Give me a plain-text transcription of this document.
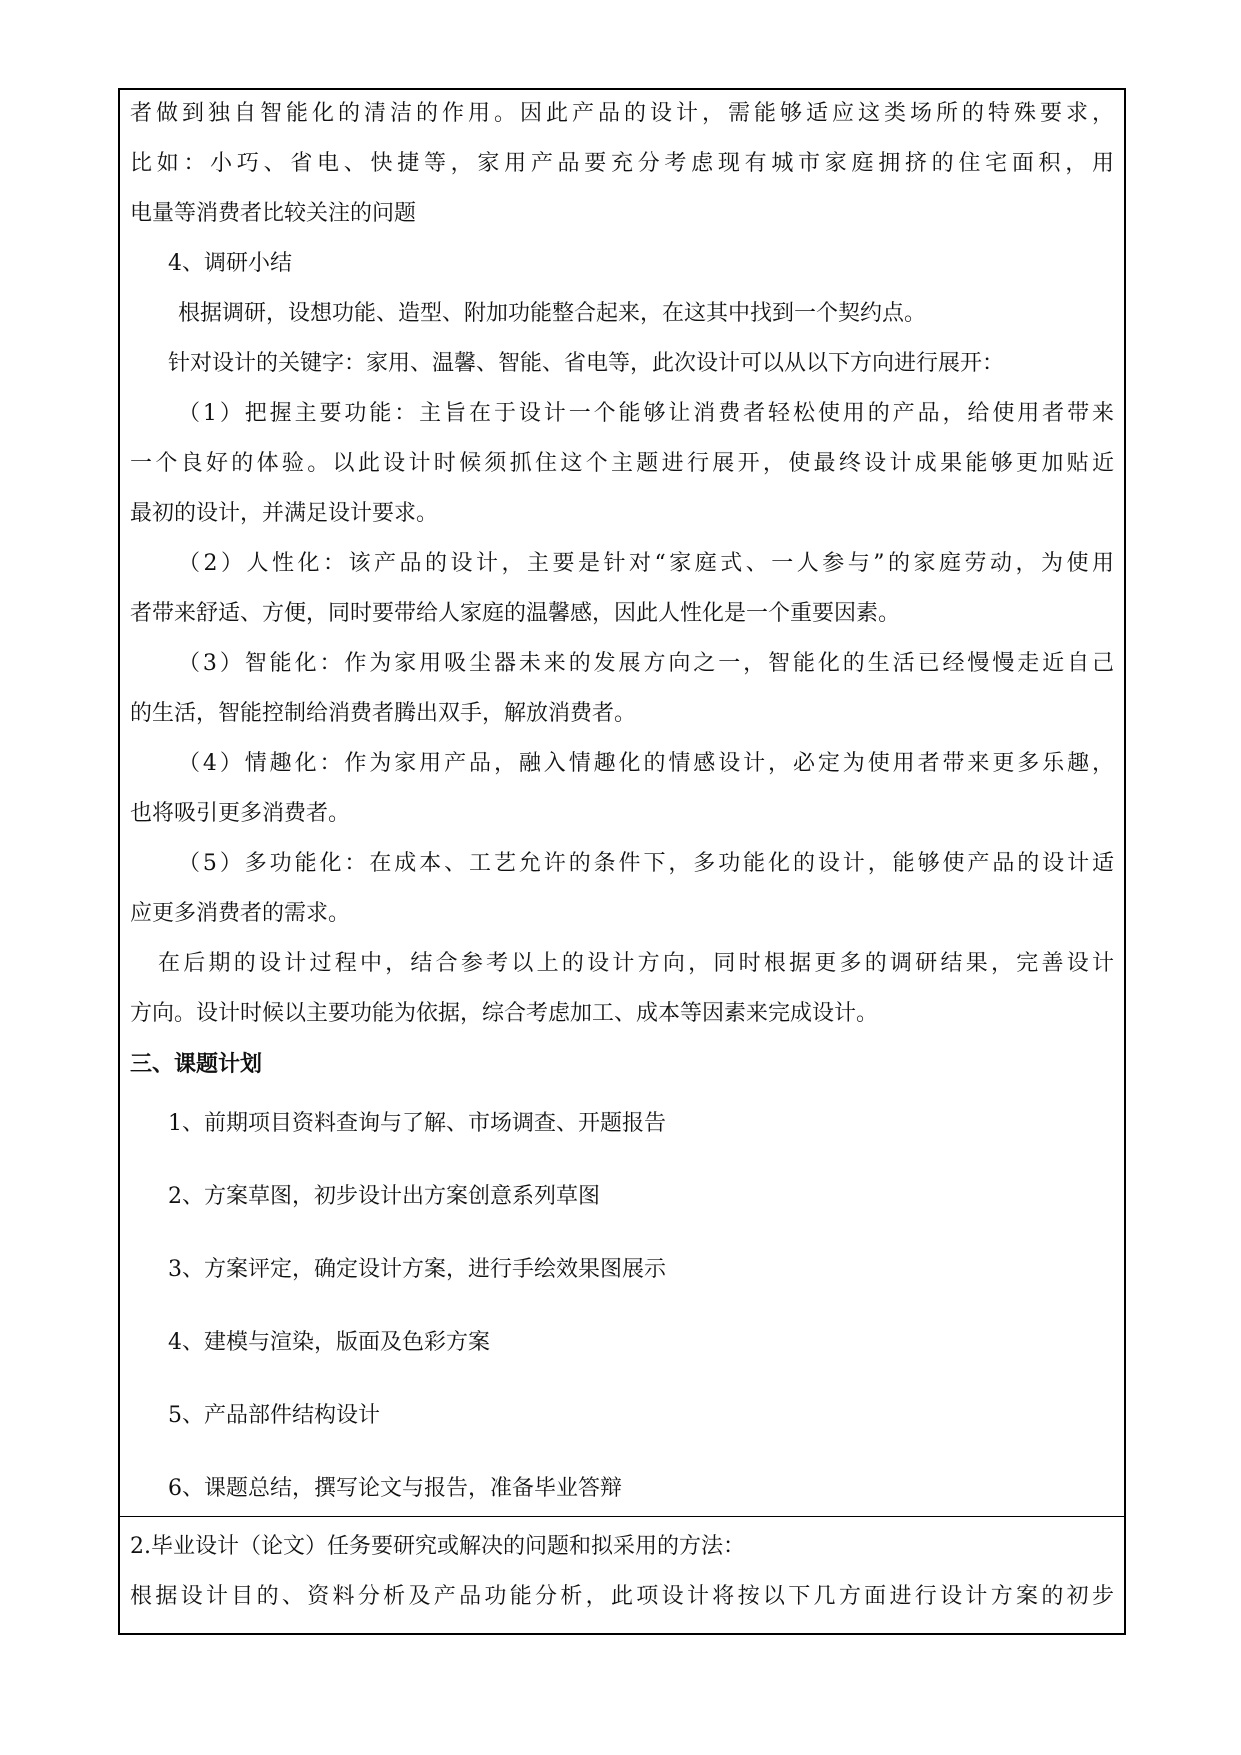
者做到独自智能化的清洁的作用。因此产品的设计，需能够适应这类场所的特殊要求，
比如：小巧、省电、快捷等，家用产品要充分考虑现有城市家庭拥挤的住宅面积，用
电量等消费者比较关注的问题
4、调研小结
根据调研，设想功能、造型、附加功能整合起来，在这其中找到一个契约点。
针对设计的关键字：家用、温馨、智能、省电等，此次设计可以从以下方向进行展开：
（1）把握主要功能：主旨在于设计一个能够让消费者轻松使用的产品，给使用者带来
一个良好的体验。以此设计时候须抓住这个主题进行展开，使最终设计成果能够更加贴近
最初的设计，并满足设计要求。
（2）人性化：该产品的设计，主要是针对“家庭式、一人参与”的家庭劳动，为使用
者带来舒适、方便，同时要带给人家庭的温馨感，因此人性化是一个重要因素。
（3）智能化：作为家用吸尘器未来的发展方向之一，智能化的生活已经慢慢走近自己
的生活，智能控制给消费者腾出双手，解放消费者。
（4）情趣化：作为家用产品，融入情趣化的情感设计，必定为使用者带来更多乐趣，
也将吸引更多消费者。
（5）多功能化：在成本、工艺允许的条件下，多功能化的设计，能够使产品的设计适
应更多消费者的需求。
在后期的设计过程中，结合参考以上的设计方向，同时根据更多的调研结果，完善设计
方向。设计时候以主要功能为依据，综合考虑加工、成本等因素来完成设计。
三、课题计划
1、前期项目资料查询与了解、市场调查、开题报告
2、方案草图，初步设计出方案创意系列草图
3、方案评定，确定设计方案，进行手绘效果图展示
4、建模与渲染，版面及色彩方案
5、产品部件结构设计
6、课题总结，撰写论文与报告，准备毕业答辩
2.毕业设计（论文）任务要研究或解决的问题和拟采用的方法：
根据设计目的、资料分析及产品功能分析，此项设计将按以下几方面进行设计方案的初步
